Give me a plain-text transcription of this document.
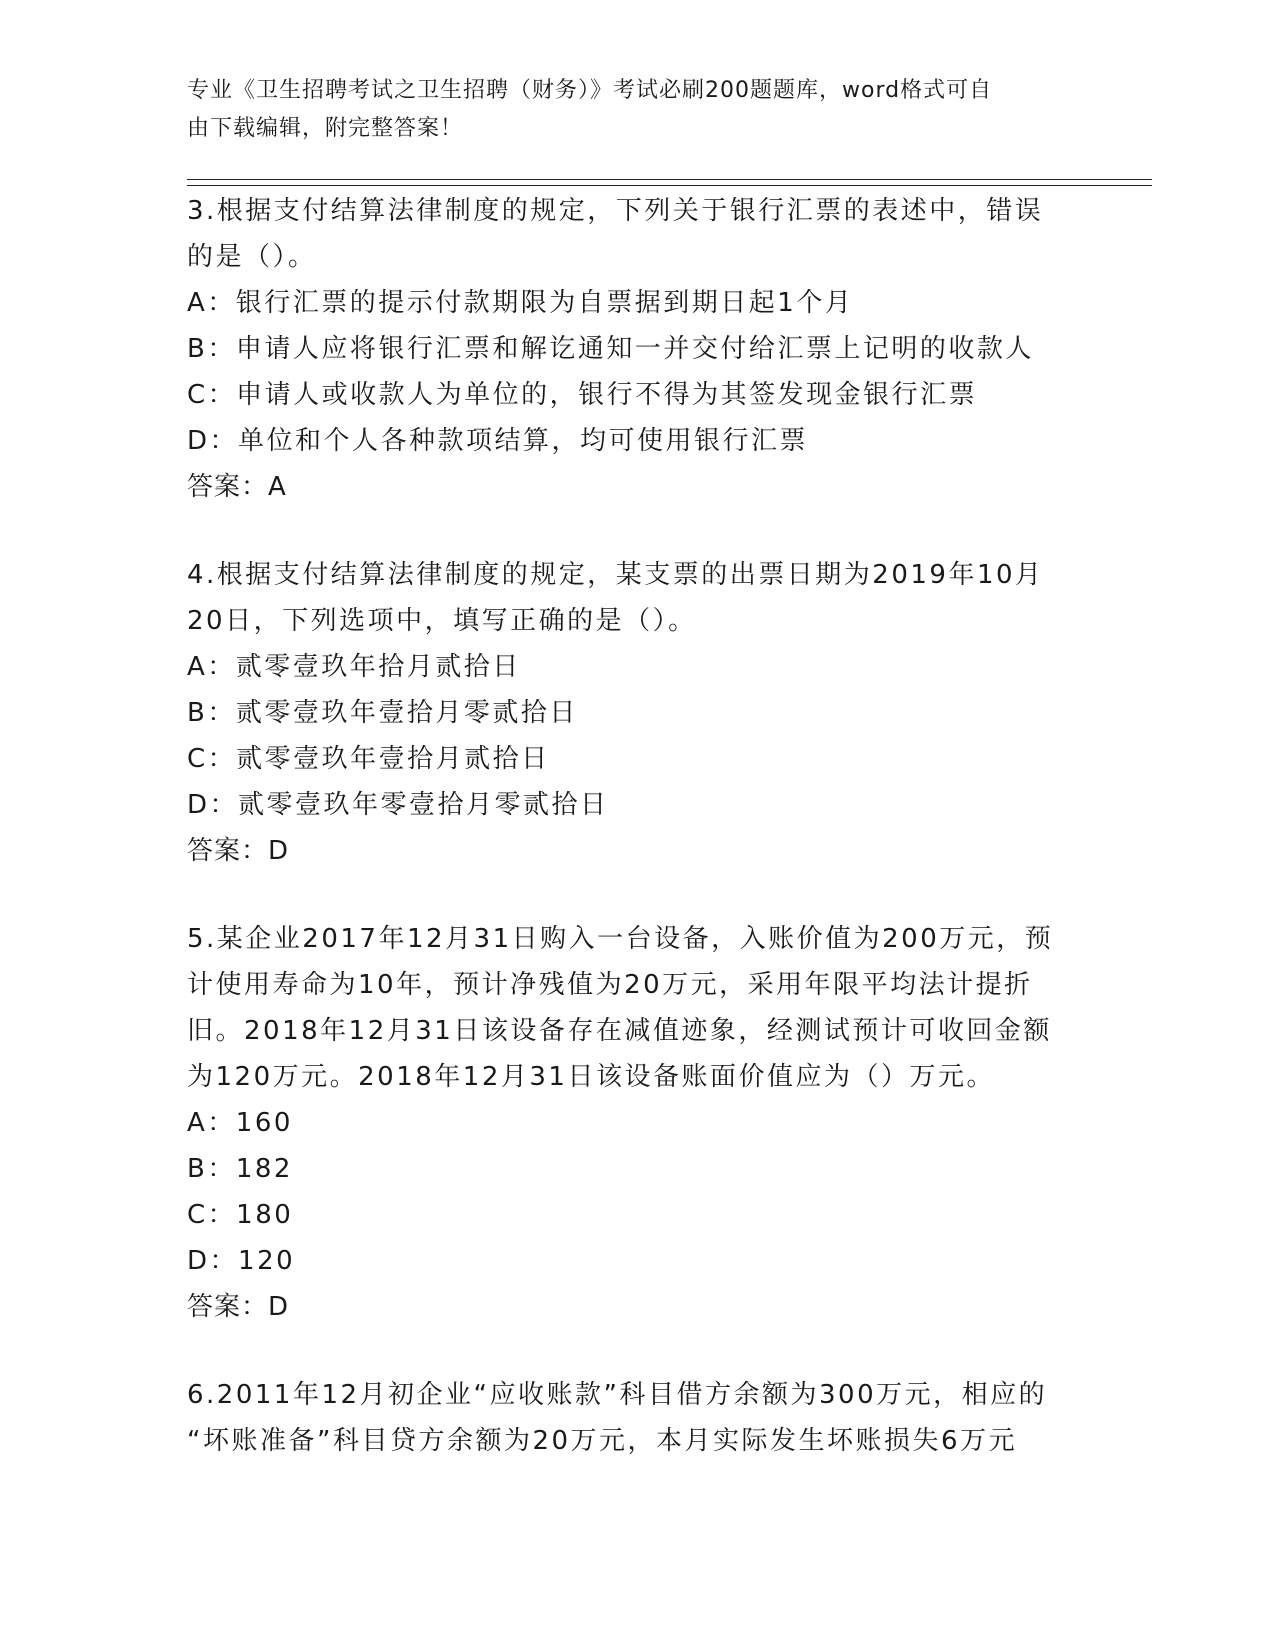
专业《卫生招聘考试之卫生招聘（财务）》考试必刷200题题库，word格式可自
由下载编辑，附完整答案！
3.根据支付结算法律制度的规定，下列关于银行汇票的表述中，错误
的是（）。
A：银行汇票的提示付款期限为自票据到期日起1个月
B：申请人应将银行汇票和解讫通知一并交付给汇票上记明的收款人
C：申请人或收款人为单位的，银行不得为其签发现金银行汇票
D：单位和个人各种款项结算，均可使用银行汇票
答案：A
4.根据支付结算法律制度的规定，某支票的出票日期为2019年10月
20日，下列选项中，填写正确的是（）。
A：贰零壹玖年拾月贰拾日
B：贰零壹玖年壹拾月零贰拾日
C：贰零壹玖年壹拾月贰拾日
D：贰零壹玖年零壹拾月零贰拾日
答案：D
5.某企业2017年12月31日购入一台设备，入账价值为200万元，预
计使用寿命为10年，预计净残值为20万元，采用年限平均法计提折
旧。2018年12月31日该设备存在减值迹象，经测试预计可收回金额
为120万元。2018年12月31日该设备账面价值应为（）万元。
A：160
B：182
C：180
D：120
答案：D
6.2011年12月初企业“应收账款”科目借方余额为300万元，相应的
“坏账准备”科目贷方余额为20万元，本月实际发生坏账损失6万元
